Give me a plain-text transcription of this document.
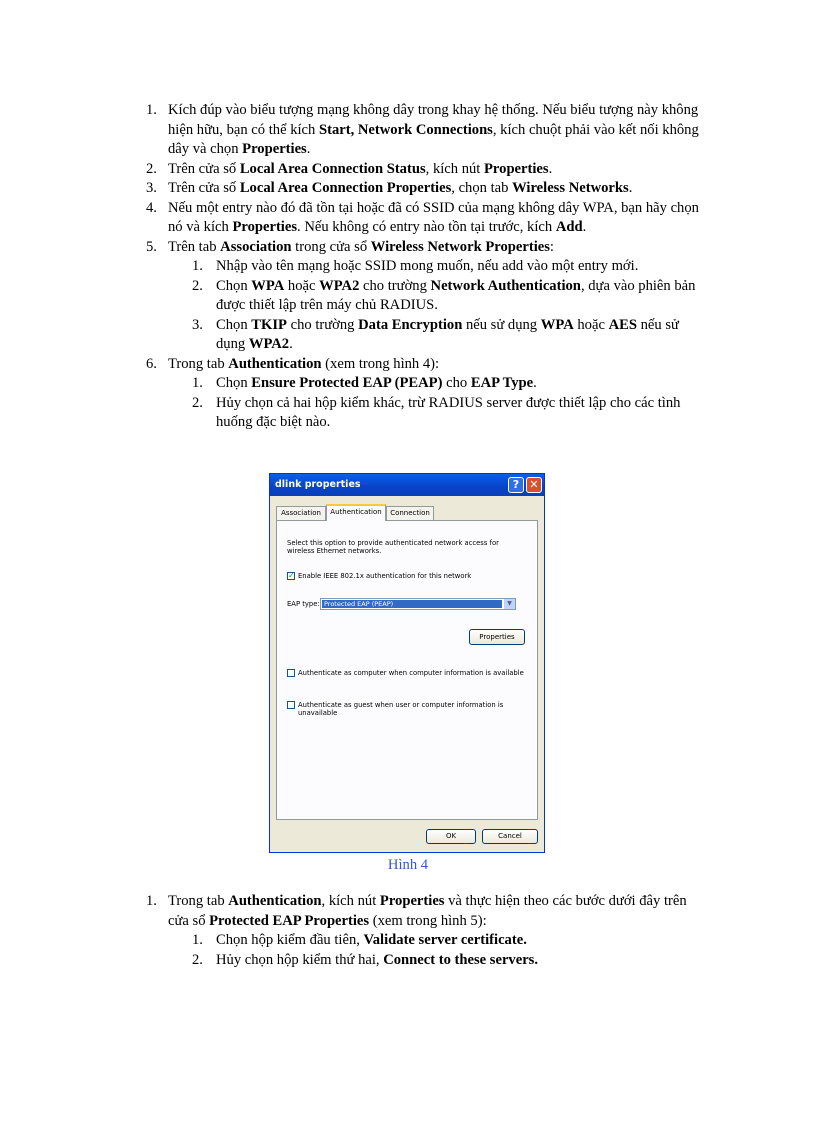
1. Kích đúp vào biểu tượng mạng không dây trong khay hệ thống. Nếu biểu tượng này không hiện hữu, bạn có thể kích Start, Network Connections, kích chuột phải vào kết nối không dây và chọn Properties.
2. Trên cửa số Local Area Connection Status, kích nút Properties.
3. Trên cửa số Local Area Connection Properties, chọn tab Wireless Networks.
4. Nếu một entry nào đó đã tồn tại hoặc đã có SSID của mạng không dây WPA, bạn hãy chọn nó và kích Properties. Nếu không có entry nào tồn tại trước, kích Add.
5. Trên tab Association trong cửa sổ Wireless Network Properties:
1. Nhập vào tên mạng hoặc SSID mong muốn, nếu add vào một entry mới.
2. Chọn WPA hoặc WPA2 cho trường Network Authentication, dựa vào phiên bản được thiết lập trên máy chủ RADIUS.
3. Chọn TKIP cho trường Data Encryption nếu sử dụng WPA hoặc AES nếu sử dụng WPA2.
6. Trong tab Authentication (xem trong hình 4):
1. Chọn Ensure Protected EAP (PEAP) cho EAP Type.
2. Hủy chọn cả hai hộp kiểm khác, trừ RADIUS server được thiết lập cho các tình huống đặc biệt nào.
dlink properties	? ✕
Association	Authentication	Connection
Select this option to provide authenticated network access for wireless Ethernet networks.
✓ Enable IEEE 802.1x authentication for this network
EAP type: Protected EAP (PEAP)	▼
Properties
Authenticate as computer when computer information is available
Authenticate as guest when user or computer information is unavailable
OK	Cancel
Hình 4
1. Trong tab Authentication, kích nút Properties và thực hiện theo các bước dưới đây trên cửa sổ Protected EAP Properties (xem trong hình 5):
1. Chọn hộp kiểm đầu tiên, Validate server certificate.
2. Hủy chọn hộp kiểm thứ hai, Connect to these servers.
